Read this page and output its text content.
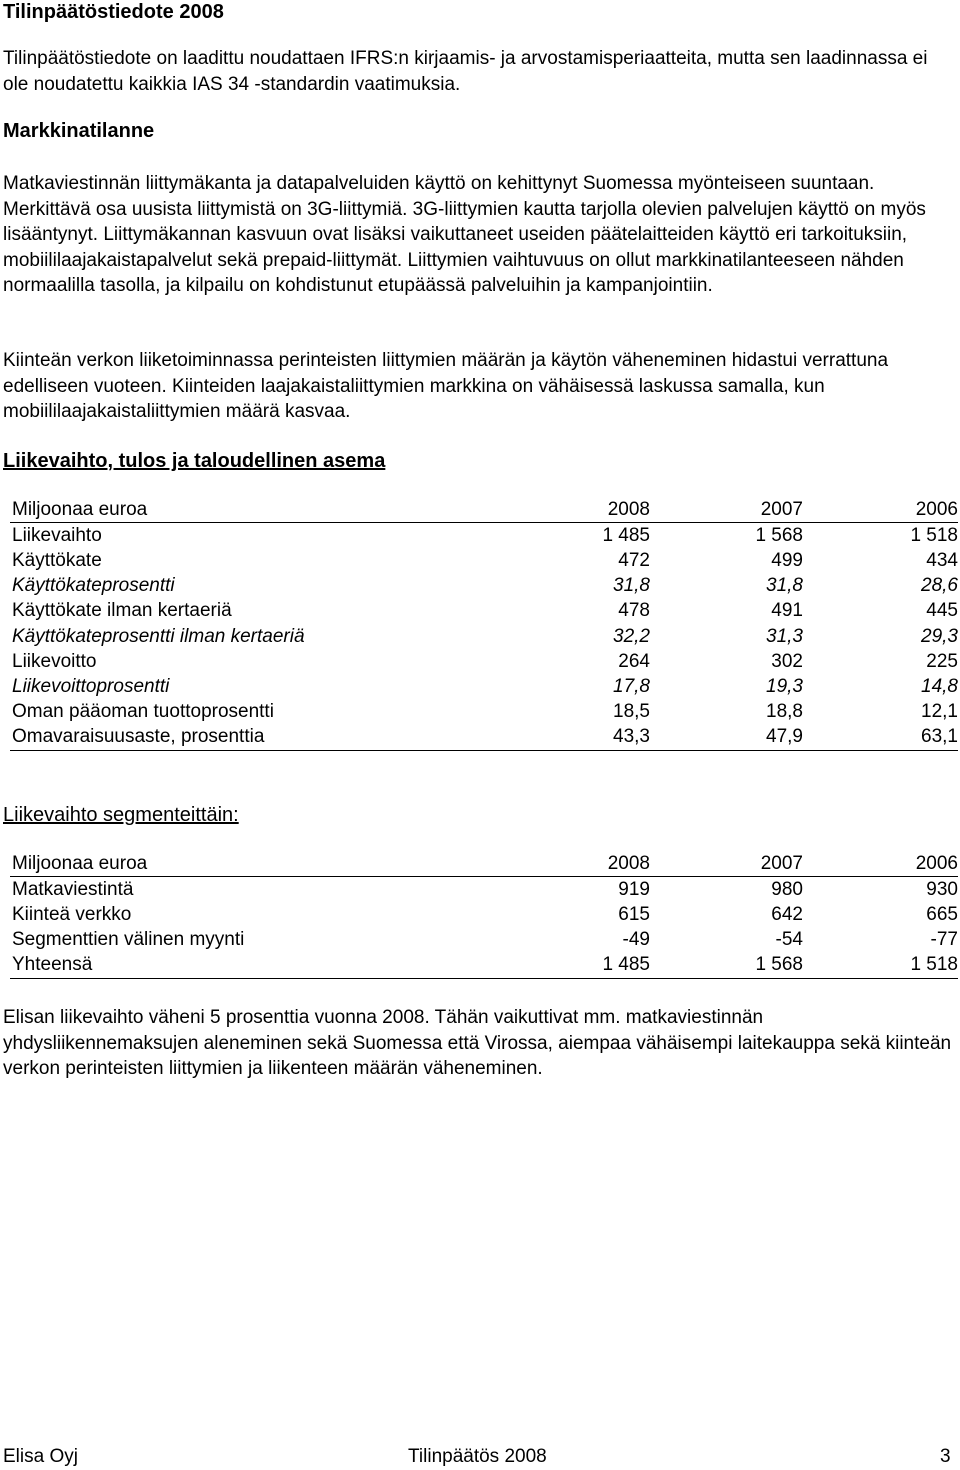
Tilinpäätöstiedote 2008
Tilinpäätöstiedote on laadittu noudattaen IFRS:n kirjaamis- ja arvostamisperiaatteita, mutta sen laadinnassa ei ole noudatettu kaikkia IAS 34 -standardin vaatimuksia.
Markkinatilanne
Matkaviestinnän liittymäkanta ja datapalveluiden käyttö on kehittynyt Suomessa myönteiseen suuntaan. Merkittävä osa uusista liittymistä on 3G-liittymiä. 3G-liittymien kautta tarjolla olevien palvelujen käyttö on myös lisääntynyt. Liittymäkannan kasvuun ovat lisäksi vaikuttaneet useiden päätelaitteiden käyttö eri tarkoituksiin, mobiililaajakaistapalvelut sekä prepaid-liittymät. Liittymien vaihtuvuus on ollut markkinatilanteeseen nähden normaalilla tasolla, ja kilpailu on kohdistunut etupäässä palveluihin ja kampanjointiin.
Kiinteän verkon liiketoiminnassa perinteisten liittymien määrän ja käytön väheneminen hidastui verrattuna edelliseen vuoteen. Kiinteiden laajakaistaliittymien markkina on vähäisessä laskussa samalla, kun mobiililaajakaistaliittymien määrä kasvaa.
Liikevaihto, tulos ja taloudellinen asema
Miljoonaa euroa	2008	2007	2006
Liikevaihto	1 485	1 568	1 518
Käyttökate	472	499	434
Käyttökateprosentti	31,8	31,8	28,6
Käyttökate ilman kertaeriä	478	491	445
Käyttökateprosentti ilman kertaeriä	32,2	31,3	29,3
Liikevoitto	264	302	225
Liikevoittoprosentti	17,8	19,3	14,8
Oman pääoman tuottoprosentti	18,5	18,8	12,1
Omavaraisuusaste, prosenttia	43,3	47,9	63,1
Liikevaihto segmenteittäin:
Miljoonaa euroa	2008	2007	2006
Matkaviestintä	919	980	930
Kiinteä verkko	615	642	665
Segmenttien välinen myynti	-49	-54	-77
Yhteensä	1 485	1 568	1 518
Elisan liikevaihto väheni 5 prosenttia vuonna 2008. Tähän vaikuttivat mm. matkaviestinnän yhdysliikennemaksujen aleneminen sekä Suomessa että Virossa, aiempaa vähäisempi laitekauppa sekä kiinteän verkon perinteisten liittymien ja liikenteen määrän väheneminen.
Elisa Oyj	Tilinpäätös 2008	3
